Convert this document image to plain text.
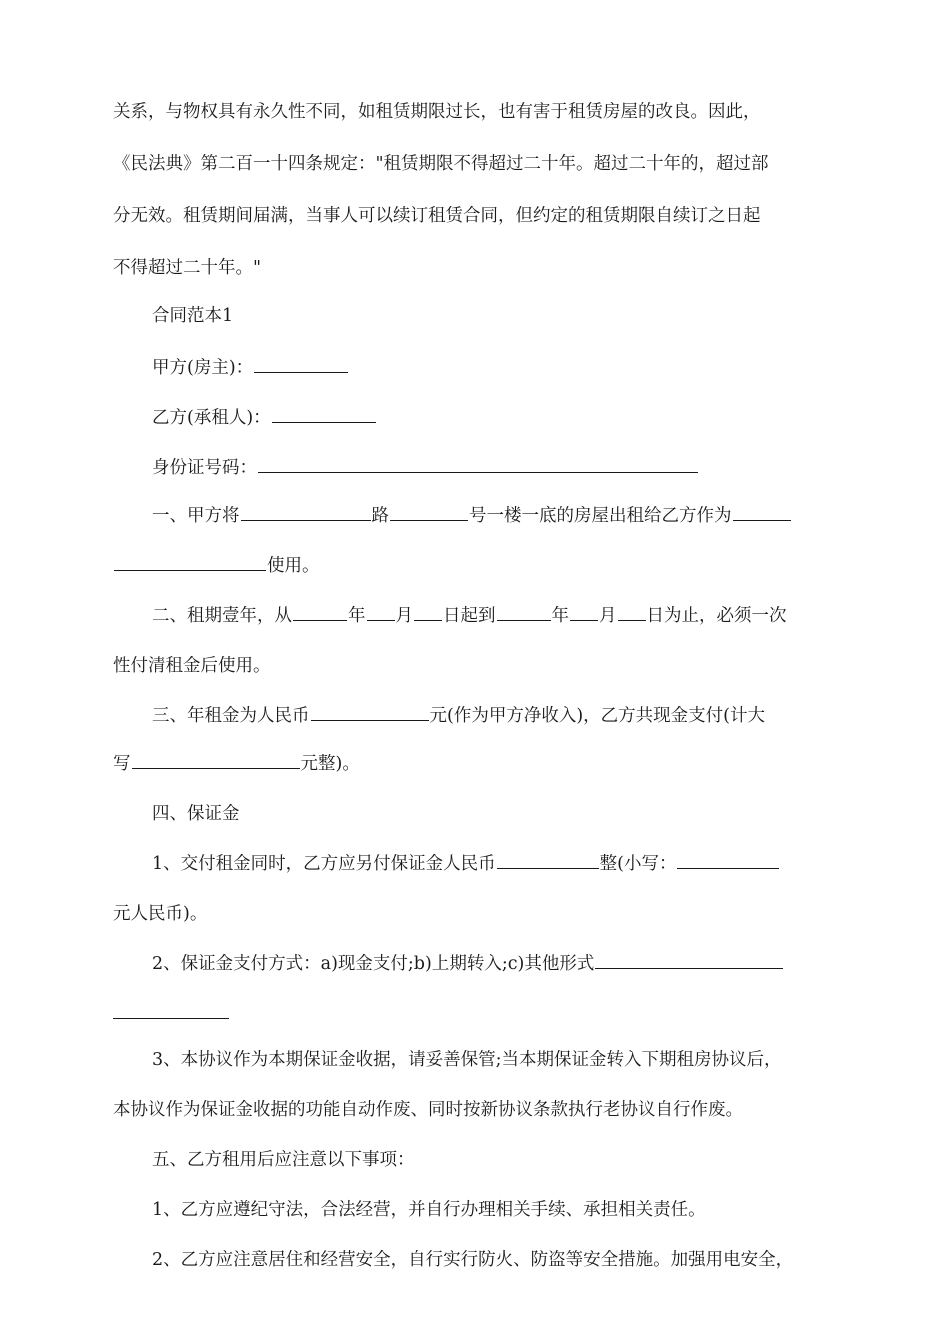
关系，与物权具有永久性不同，如租赁期限过长，也有害于租赁房屋的改良。因此，
《民法典》第二百一十四条规定："租赁期限不得超过二十年。超过二十年的，超过部
分无效。租赁期间届满，当事人可以续订租赁合同，但约定的租赁期限自续订之日起
不得超过二十年。"
合同范本1
甲方(房主)：
乙方(承租人)：
身份证号码：
一、甲方将	路	号一楼一底的房屋出租给乙方作为
使用。
二、租期壹年，从	年 月 日起到	年 月 日为止，必须一次
性付清租金后使用。
三、年租金为人民币	元(作为甲方净收入)，乙方共现金支付(计大
写	元整)。
四、保证金
1、交付租金同时，乙方应另付保证金人民币	整(小写：
元人民币)。
2、保证金支付方式：a)现金支付;b)上期转入;c)其他形式
3、本协议作为本期保证金收据，请妥善保管;当本期保证金转入下期租房协议后，
本协议作为保证金收据的功能自动作废、同时按新协议条款执行老协议自行作废。
五、乙方租用后应注意以下事项：
1、乙方应遵纪守法，合法经营，并自行办理相关手续、承担相关责任。
2、乙方应注意居住和经营安全，自行实行防火、防盗等安全措施。加强用电安全，
